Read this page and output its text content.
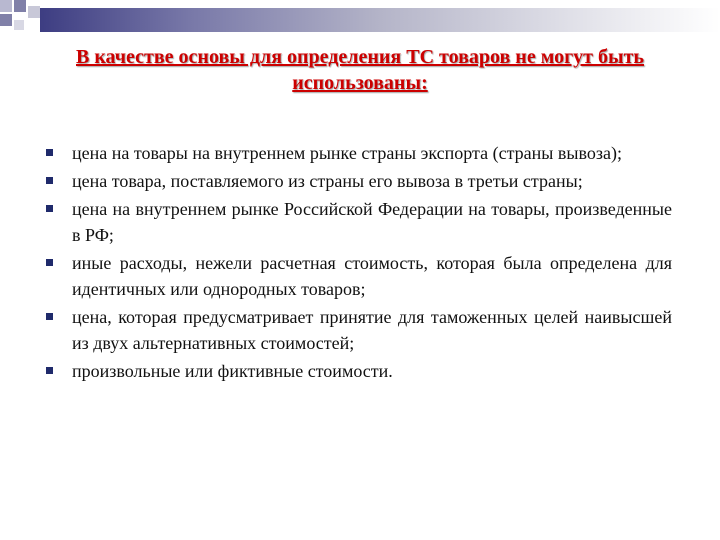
В качестве основы для определения ТС товаров не могут быть использованы:
цена на товары на внутреннем рынке страны экспорта (страны вывоза);
цена товара, поставляемого из страны его вывоза в третьи страны;
цена на внутреннем рынке Российской Федерации на товары, произведенные в РФ;
иные расходы, нежели расчетная стоимость, которая была определена для идентичных или однородных товаров;
цена, которая предусматривает принятие для таможенных целей наивысшей из двух альтернативных стоимостей;
произвольные или фиктивные стоимости.
